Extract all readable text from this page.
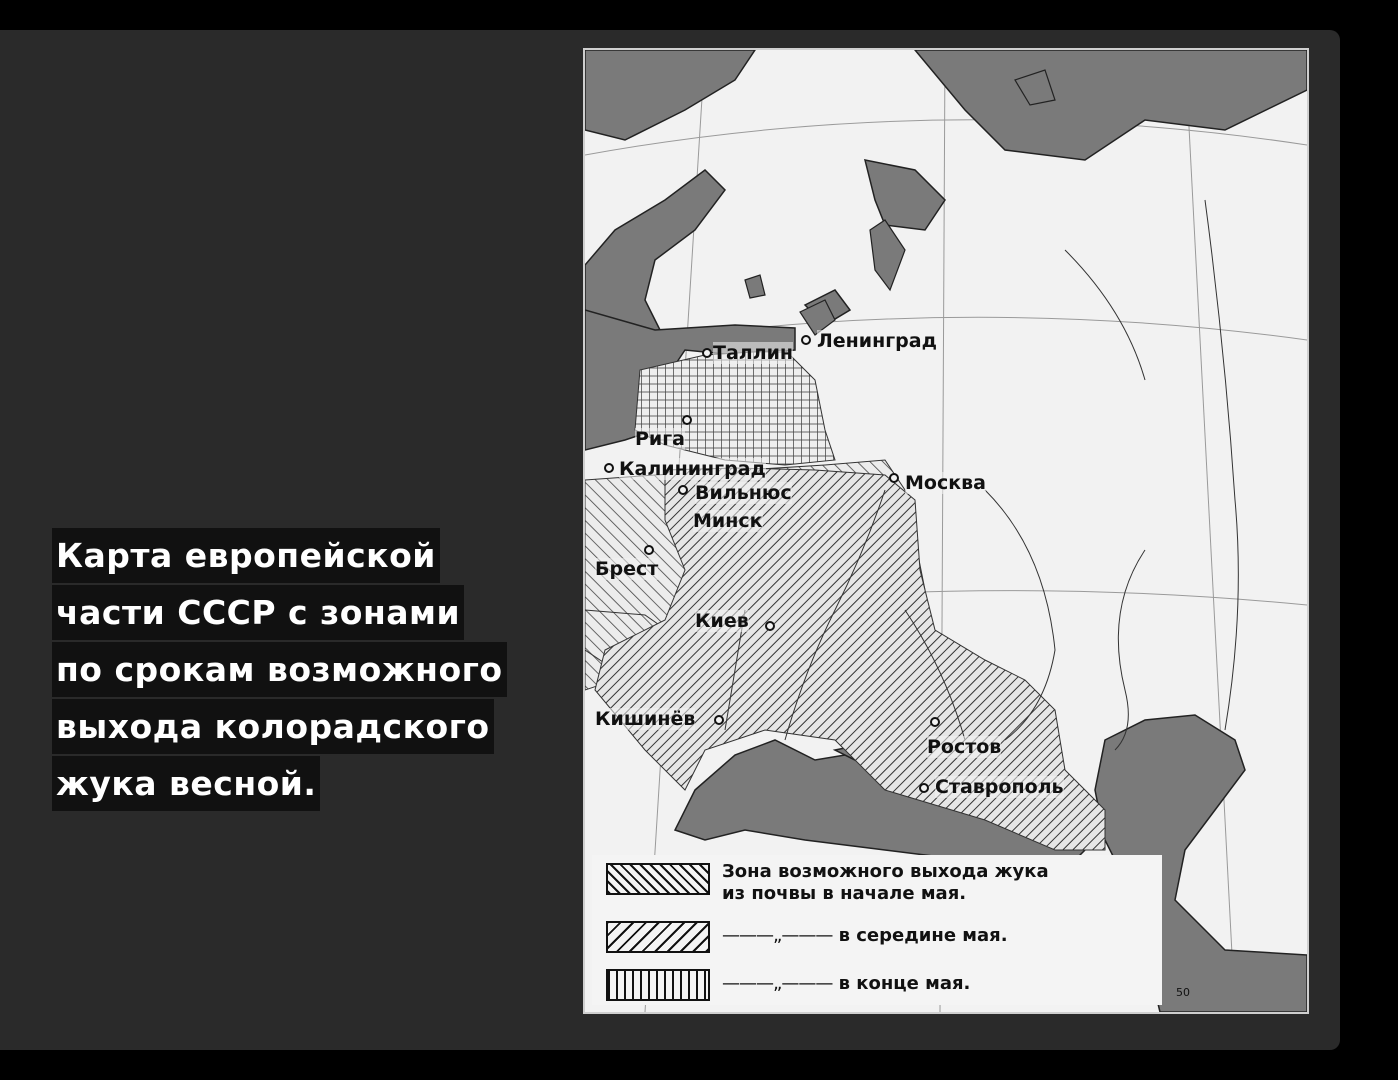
Карта европейской
части СССР с зонами
по срокам возможного
выхода колорадского
жука весной.
Ленинград
Таллин
Рига
Калининград
Вильнюс
Минск
Москва
Брест
Киев
Кишинёв
Ростов
Ставрополь
Зона возможного выхода жука
из почвы в начале мая.
———„——— в середине мая.
———„——— в конце мая.	50
